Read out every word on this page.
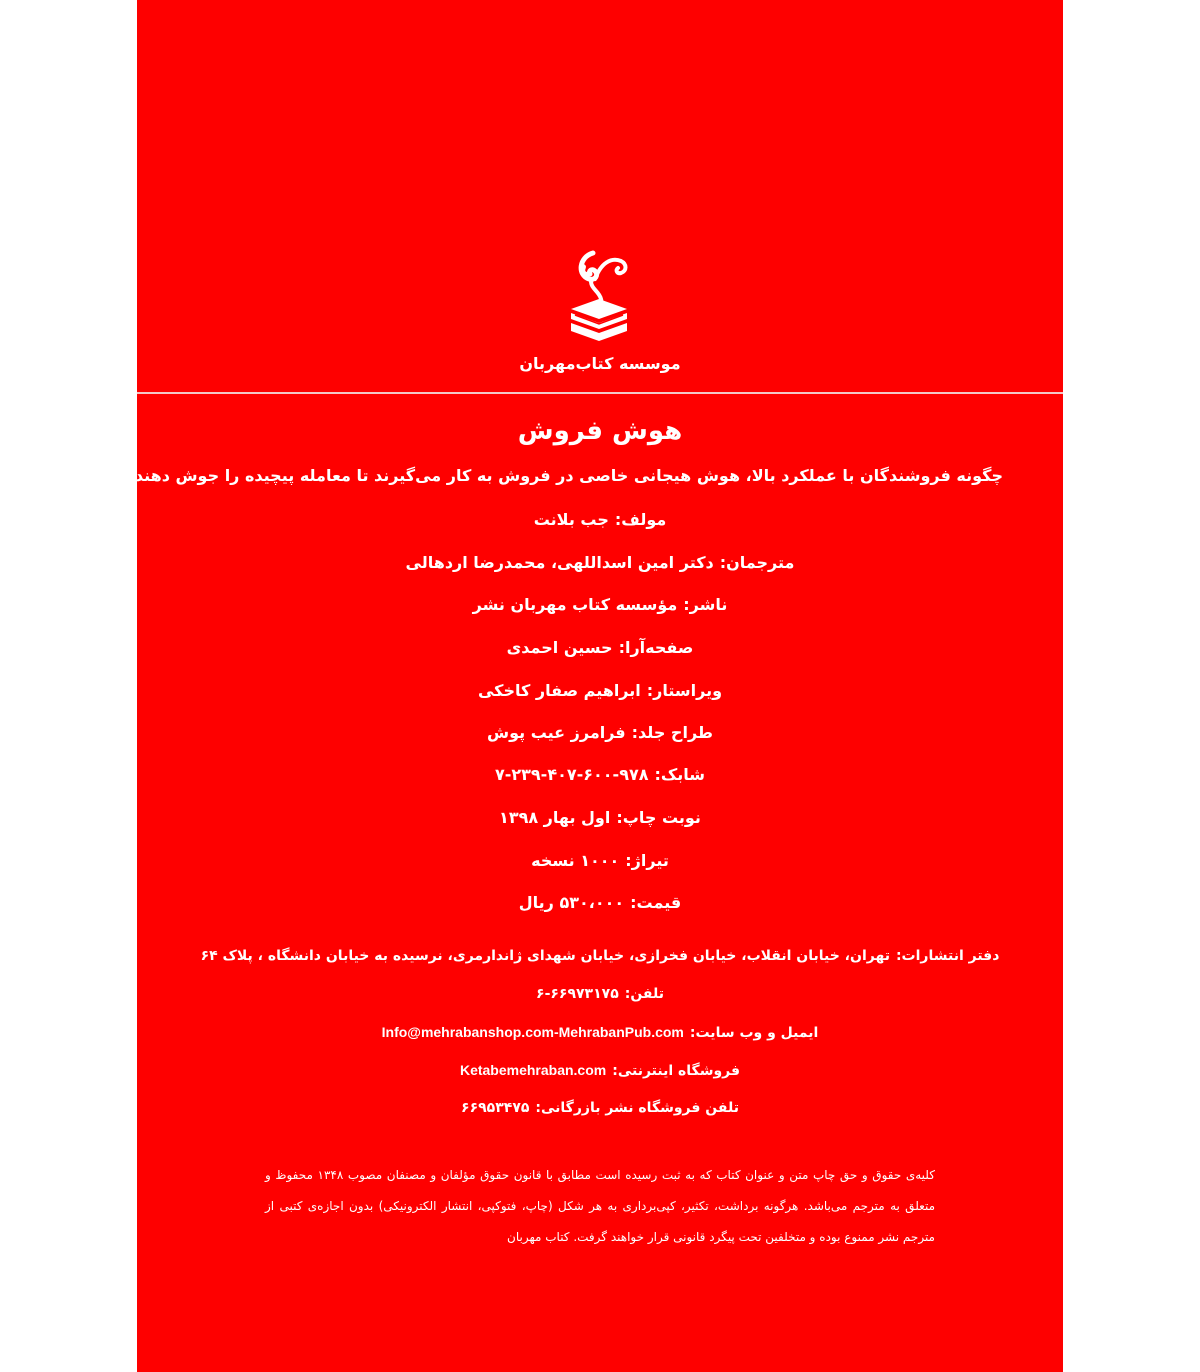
موسسه کتاب‌مهربان
هوش فروش
چگونه فروشندگان با عملکرد بالا، هوش هیجانی خاصی در فروش به کار می‌گیرند تا معامله پیچیده را جوش دهند
مولف:جب بلانت
مترجمان:دکتر امین اسداللهی، محمدرضا اردهالی
ناشر:مؤسسه کتاب مهربان نشر
صفحه‌آرا:حسین احمدی
ویراستار:ابراهیم صفار کاخکی
طراح جلد:فرامرز عیب پوش
شابک:۹۷۸-۶۰۰-۴۰۷-۲۳۹-۷
نوبت چاپ:اول بهار ۱۳۹۸
تیراژ:۱۰۰۰ نسخه
قیمت:۵۳۰،۰۰۰ ریال
دفتر انتشارات:تهران، خیابان انقلاب، خیابان فخرازی، خیابان شهدای ژاندارمری، نرسیده به خیابان دانشگاه ، پلاک ۶۴
تلفن:۶۶۹۷۳۱۷۵-۶
ایمیل و وب سایت:Info@mehrabanshop.com-MehrabanPub.com
فروشگاه اینترنتی:Ketabemehraban.com
تلفن فروشگاه نشر بازرگانی:۶۶۹۵۳۴۷۵
کلیه‌ی حقوق و حق چاپ متن و عنوان کتاب که به ثبت رسیده است مطابق با قانون حقوق مؤلفان و مصنفان مصوب ۱۳۴۸ محفوظ و متعلق به مترجم می‌باشد. هرگونه برداشت، تکثیر، کپی‌برداری به هر شکل (چاپ، فتوکپی، انتشار الکترونیکی) بدون اجازه‌ی کتبی از مترجم نشر ممنوع بوده و متخلفین تحت پیگرد قانونی قرار خواهند گرفت. کتاب مهربان
